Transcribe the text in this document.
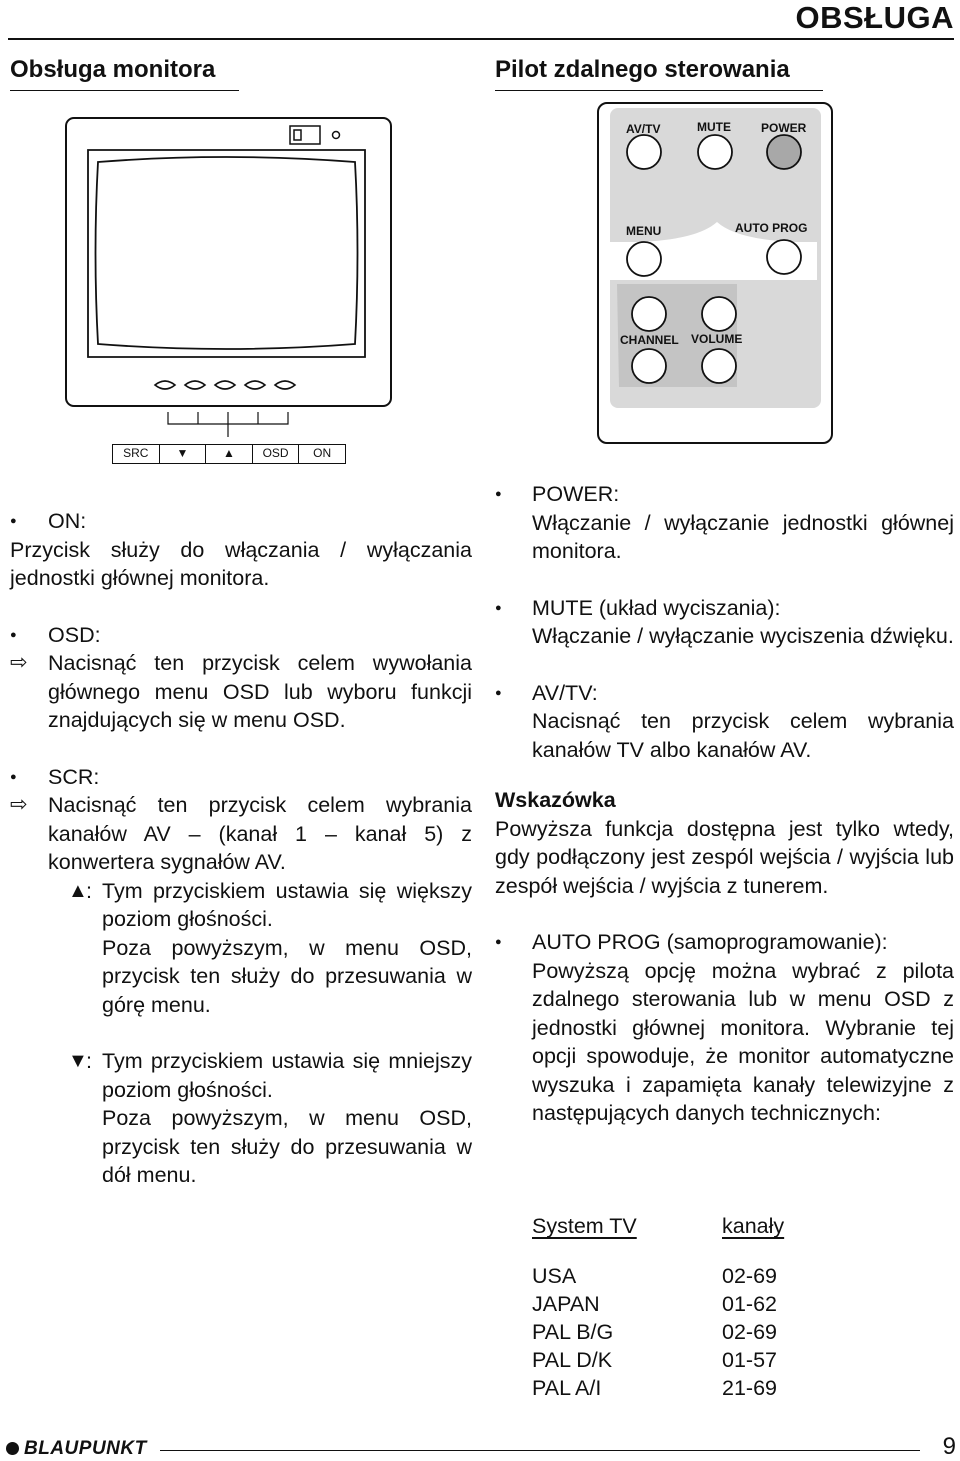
OBSŁUGA
Obsługa monitora	Pilot zdalnego sterowania
SRC	▼	▲	OSD	ON
AV/TV	MUTE	POWER
MENU	AUTO PROG
CHANNEL VOLUME
● ON:
Przycisk służy do włączania / wyłączania jednostki głównej monitora.
● OSD:
⇨ Nacisnąć ten przycisk celem wywołania głównego menu OSD lub wyboru funkcji znajdujących się w menu OSD.
● SCR:
⇨ Nacisnąć ten przycisk celem wybrania kanałów AV – (kanał 1 – kanał 5) z konwertera sygnałów AV.
▲
: Tym przyciskiem ustawia się większy poziom głośności.
Poza powyższym, w menu OSD, przycisk ten służy do przesuwania w górę menu.
▼
: Tym przyciskiem ustawia się mniejszy poziom głośności.
Poza powyższym, w menu OSD, przycisk ten służy do przesuwania w dół menu.
● POWER:
Włączanie / wyłączanie jednostki głównej monitora.
● MUTE (układ wyciszania):
Włączanie / wyłączanie wyciszenia dźwięku.
● AV/TV:
Nacisnąć ten przycisk celem wybrania kanałów TV albo kanałów AV.
Wskazówka
Powyższa funkcja dostępna jest tylko wtedy, gdy podłączony jest zespól wejścia / wyjścia lub zespół wejścia / wyjścia z tunerem.
● AUTO PROG (samoprogramowanie):
Powyższą opcję można wybrać z pilota zdalnego sterowania lub w menu OSD z jednostki głównej monitora. Wybranie tej opcji spowoduje, że monitor automatyczne wyszuka i zapamięta kanały telewizyjne z następujących danych technicznych:
System TV	kanały
USA	02-69
JAPAN	01-62
PAL B/G	02-69
PAL D/K	01-57
PAL A/I	21-69
BLAUPUNKT	9
